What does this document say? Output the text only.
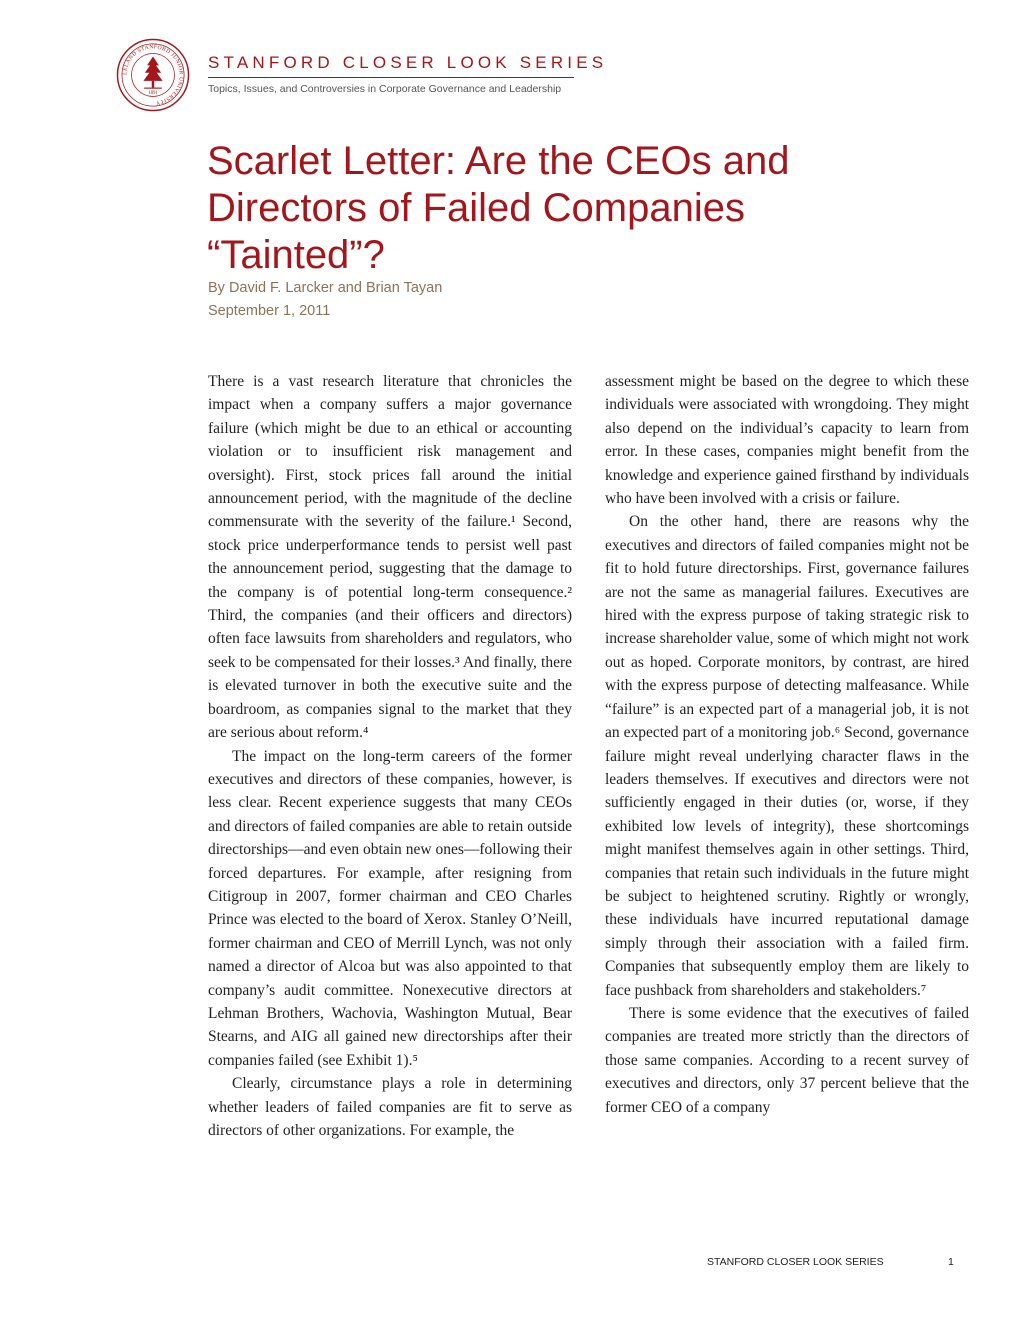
LELAND STANFORD JUNIOR UNIVERSITY
1891
STANFORD CLOSER LOOK SERIES
Topics, Issues, and Controversies in Corporate Governance and Leadership
Scarlet Letter: Are the CEOs and
Directors of Failed Companies
“Tainted”?
By David F. Larcker and Brian Tayan
September 1, 2011

There is a vast research literature that chronicles the impact when a company suffers a major governance failure (which might be due to an ethical or accounting violation or to insufficient risk management and oversight). First, stock prices fall around the initial announcement period, with the magnitude of the decline commensurate with the severity of the failure.¹ Second, stock price underperformance tends to persist well past the announcement period, suggesting that the damage to the company is of potential long-term consequence.² Third, the companies (and their officers and directors) often face lawsuits from shareholders and regulators, who seek to be compensated for their losses.³ And finally, there is elevated turnover in both the executive suite and the boardroom, as companies signal to the market that they are serious about reform.⁴

The impact on the long-term careers of the former executives and directors of these companies, however, is less clear. Recent experience suggests that many CEOs and directors of failed companies are able to retain outside directorships—and even obtain new ones—following their forced departures. For example, after resigning from Citigroup in 2007, former chairman and CEO Charles Prince was elected to the board of Xerox. Stanley O’Neill, former chairman and CEO of Merrill Lynch, was not only named a director of Alcoa but was also appointed to that company’s audit committee. Nonexecutive directors at Lehman Brothers, Wachovia, Washington Mutual, Bear Stearns, and AIG all gained new directorships after their companies failed (see Exhibit 1).⁵

Clearly, circumstance plays a role in determining whether leaders of failed companies are fit to serve as directors of other organizations. For example, the

assessment might be based on the degree to which these individuals were associated with wrongdoing. They might also depend on the individual’s capacity to learn from error. In these cases, companies might benefit from the knowledge and experience gained firsthand by individuals who have been involved with a crisis or failure.

On the other hand, there are reasons why the executives and directors of failed companies might not be fit to hold future directorships. First, governance failures are not the same as managerial failures. Executives are hired with the express purpose of taking strategic risk to increase shareholder value, some of which might not work out as hoped. Corporate monitors, by contrast, are hired with the express purpose of detecting malfeasance. While “failure” is an expected part of a managerial job, it is not an expected part of a monitoring job.⁶ Second, governance failure might reveal underlying character flaws in the leaders themselves. If executives and directors were not sufficiently engaged in their duties (or, worse, if they exhibited low levels of integrity), these shortcomings might manifest themselves again in other settings. Third, companies that retain such individuals in the future might be subject to heightened scrutiny. Rightly or wrongly, these individuals have incurred reputational damage simply through their association with a failed firm. Companies that subsequently employ them are likely to face pushback from shareholders and stakeholders.⁷

There is some evidence that the executives of failed companies are treated more strictly than the directors of those same companies. According to a recent survey of executives and directors, only 37 percent believe that the former CEO of a company

STANFORD CLOSER LOOK SERIES	1
